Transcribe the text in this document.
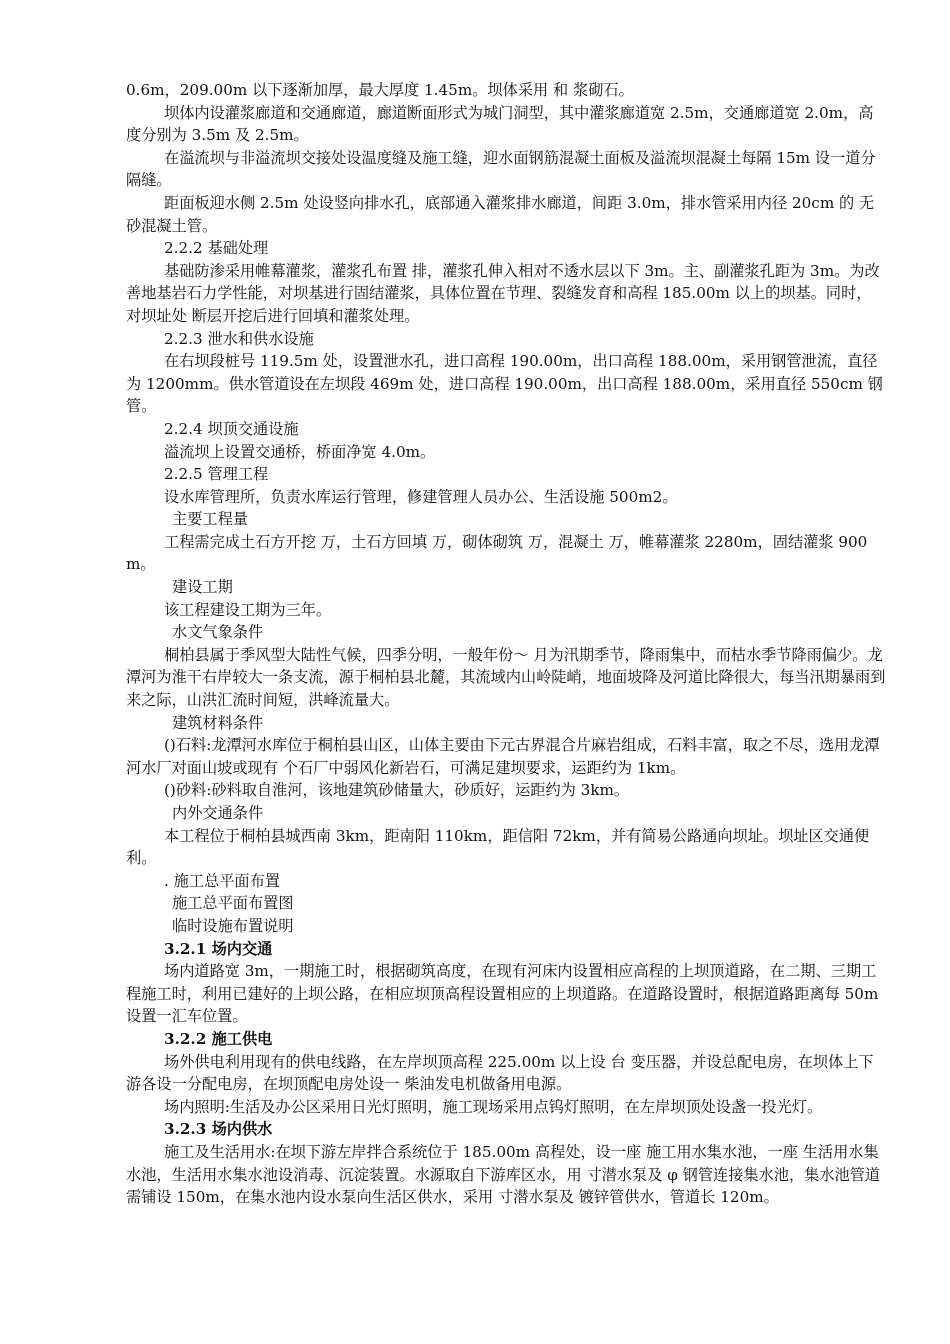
0.6m，209.00m 以下逐渐加厚，最大厚度 1.45m。坝体采用 和 浆砌石。

坝体内设灌浆廊道和交通廊道，廊道断面形式为城门洞型，其中灌浆廊道宽 2.5m，交通廊道宽 2.0m，高度分别为 3.5m 及 2.5m。

在溢流坝与非溢流坝交接处设温度缝及施工缝，迎水面钢筋混凝土面板及溢流坝混凝土每隔 15m 设一道分隔缝。

距面板迎水侧 2.5m 处设竖向排水孔，底部通入灌浆排水廊道，间距 3.0m，排水管采用内径 20cm 的 无砂混凝土管。

2.2.2 基础处理

基础防渗采用帷幕灌浆，灌浆孔布置 排，灌浆孔伸入相对不透水层以下 3m。主、副灌浆孔距为 3m。为改善地基岩石力学性能，对坝基进行固结灌浆，具体位置在节理、裂缝发育和高程 185.00m 以上的坝基。同时，对坝址处 断层开挖后进行回填和灌浆处理。

2.2.3 泄水和供水设施

在右坝段桩号 119.5m 处，设置泄水孔，进口高程 190.00m，出口高程 188.00m，采用钢管泄流，直径为 1200mm。供水管道设在左坝段 469m 处，进口高程 190.00m，出口高程 188.00m，采用直径 550cm 钢管。

2.2.4 坝顶交通设施

溢流坝上设置交通桥，桥面净宽 4.0m。

2.2.5 管理工程

设水库管理所，负责水库运行管理，修建管理人员办公、生活设施 500m2。

主要工程量

工程需完成土石方开挖 万，土石方回填 万，砌体砌筑 万，混凝土 万，帷幕灌浆 2280m，固结灌浆 900m。

建设工期

该工程建设工期为三年。

水文气象条件

桐柏县属于季风型大陆性气候，四季分明，一般年份～ 月为汛期季节，降雨集中，而枯水季节降雨偏少。龙潭河为淮干右岸较大一条支流，源于桐柏县北麓，其流域内山岭陡峭，地面坡降及河道比降很大，每当汛期暴雨到来之际，山洪汇流时间短，洪峰流量大。

建筑材料条件

()石料:龙潭河水库位于桐柏县山区，山体主要由下元古界混合片麻岩组成，石料丰富，取之不尽，选用龙潭河水厂对面山坡或现有 个石厂中弱风化新岩石，可满足建坝要求，运距约为 1km。

()砂料:砂料取自淮河，该地建筑砂储量大，砂质好，运距约为 3km。

内外交通条件

本工程位于桐柏县城西南 3km，距南阳 110km，距信阳 72km，并有简易公路通向坝址。坝址区交通便利。

. 施工总平面布置

施工总平面布置图

临时设施布置说明

3.2.1 场内交通

场内道路宽 3m，一期施工时，根据砌筑高度，在现有河床内设置相应高程的上坝顶道路，在二期、三期工程施工时，利用已建好的上坝公路，在相应坝顶高程设置相应的上坝道路。在道路设置时，根据道路距离每 50m 设置一汇车位置。

3.2.2 施工供电

场外供电利用现有的供电线路，在左岸坝顶高程 225.00m 以上设 台 变压器，并设总配电房，在坝体上下游各设一分配电房，在坝顶配电房处设一 柴油发电机做备用电源。

场内照明:生活及办公区采用日光灯照明，施工现场采用点钨灯照明，在左岸坝顶处设盏一投光灯。

3.2.3 场内供水

施工及生活用水:在坝下游左岸拌合系统位于 185.00m 高程处，设一座 施工用水集水池，一座 生活用水集水池，生活用水集水池设消毒、沉淀装置。水源取自下游库区水，用 寸潜水泵及 φ 钢管连接集水池，集水池管道需铺设 150m，在集水池内设水泵向生活区供水，采用 寸潜水泵及 镀锌管供水，管道长 120m。
